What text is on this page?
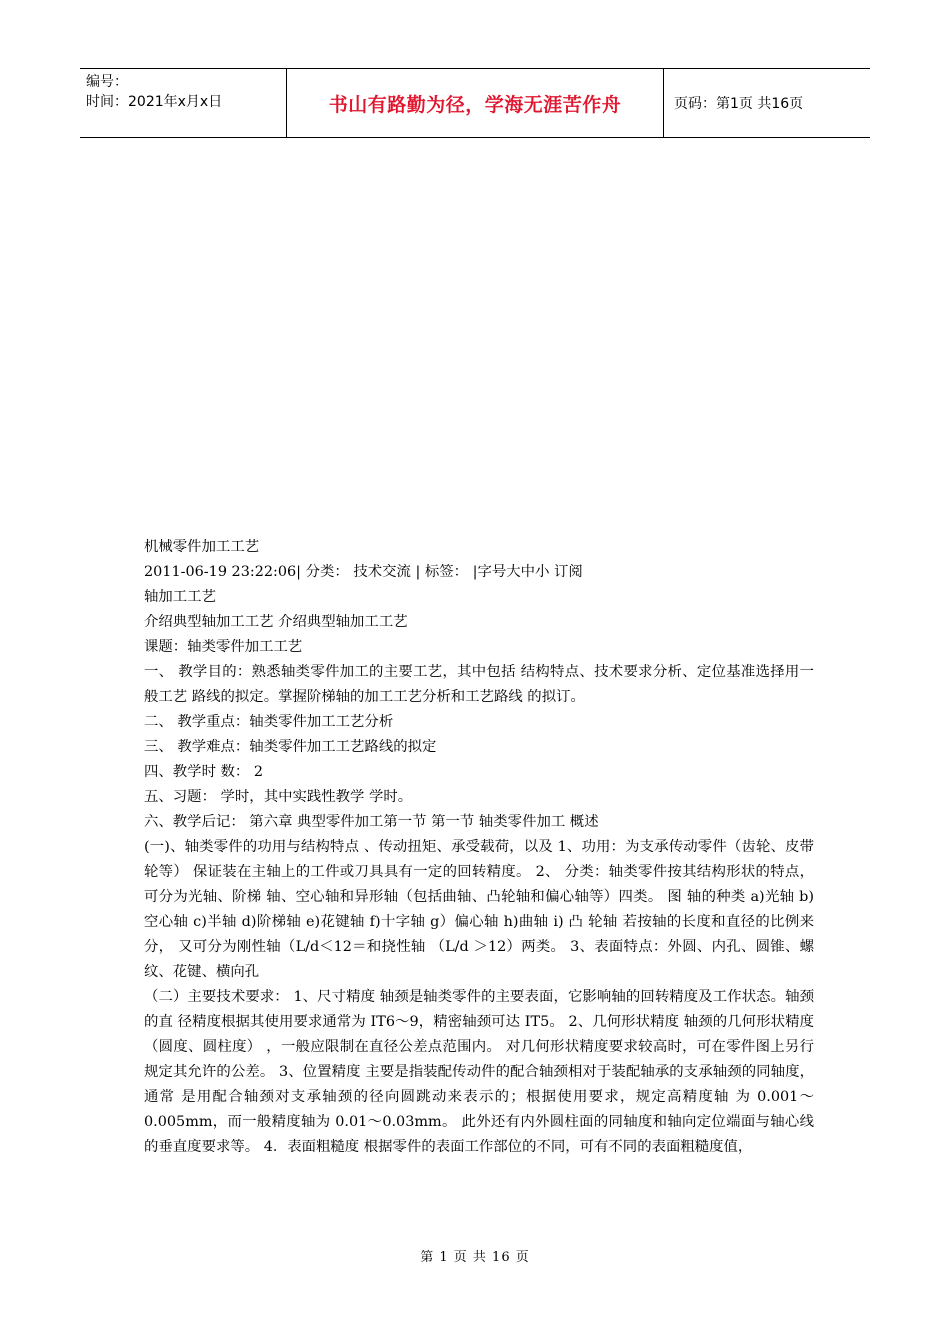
编号：
时间：2021年x月x日	书山有路勤为径，学海无涯苦作舟	页码：第1页 共16页

机械零件加工工艺

2011-06-19 23:22:06| 分类： 技术交流 | 标签： |字号大中小 订阅

轴加工工艺

介绍典型轴加工工艺 介绍典型轴加工工艺

课题：轴类零件加工工艺

一、 教学目的：熟悉轴类零件加工的主要工艺，其中包括 结构特点、技术要求分析、定位基准选择用一般工艺 路线的拟定。掌握阶梯轴的加工工艺分析和工艺路线 的拟订。

二、 教学重点：轴类零件加工工艺分析

三、 教学难点：轴类零件加工工艺路线的拟定

四、教学时 数： 2

五、习题： 学时，其中实践性教学 学时。

六、教学后记： 第六章 典型零件加工第一节 第一节 轴类零件加工 概述

(一)、轴类零件的功用与结构特点 、传动扭矩、承受载荷，以及 1、功用：为支承传动零件（齿轮、皮带轮等） 保证装在主轴上的工件或刀具具有一定的回转精度。 2、 分类：轴类零件按其结构形状的特点，可分为光轴、阶梯 轴、空心轴和异形轴（包括曲轴、凸轮轴和偏心轴等）四类。 图 轴的种类 a)光轴 b)空心轴 c)半轴 d)阶梯轴 e)花键轴 f)十字轴 g）偏心轴 h)曲轴 i) 凸 轮轴 若按轴的长度和直径的比例来分， 又可分为刚性轴（L/d＜12＝和挠性轴 （L/d ＞12）两类。 3、表面特点：外圆、内孔、圆锥、螺纹、花键、横向孔

（二）主要技术要求： 1、尺寸精度 轴颈是轴类零件的主要表面，它影响轴的回转精度及工作状态。轴颈的直 径精度根据其使用要求通常为 IT6～9，精密轴颈可达 IT5。 2、几何形状精度 轴颈的几何形状精度（圆度、圆柱度） ，一般应限制在直径公差点范围内。 对几何形状精度要求较高时，可在零件图上另行规定其允许的公差。 3、位置精度 主要是指装配传动件的配合轴颈相对于装配轴承的支承轴颈的同轴度， 通常 是用配合轴颈对支承轴颈的径向圆跳动来表示的；根据使用要求，规定高精度轴 为 0.001～0.005mm，而一般精度轴为 0.01～0.03mm。 此外还有内外圆柱面的同轴度和轴向定位端面与轴心线的垂直度要求等。 4．表面粗糙度 根据零件的表面工作部位的不同，可有不同的表面粗糙度值，

第 1 页 共 16 页
